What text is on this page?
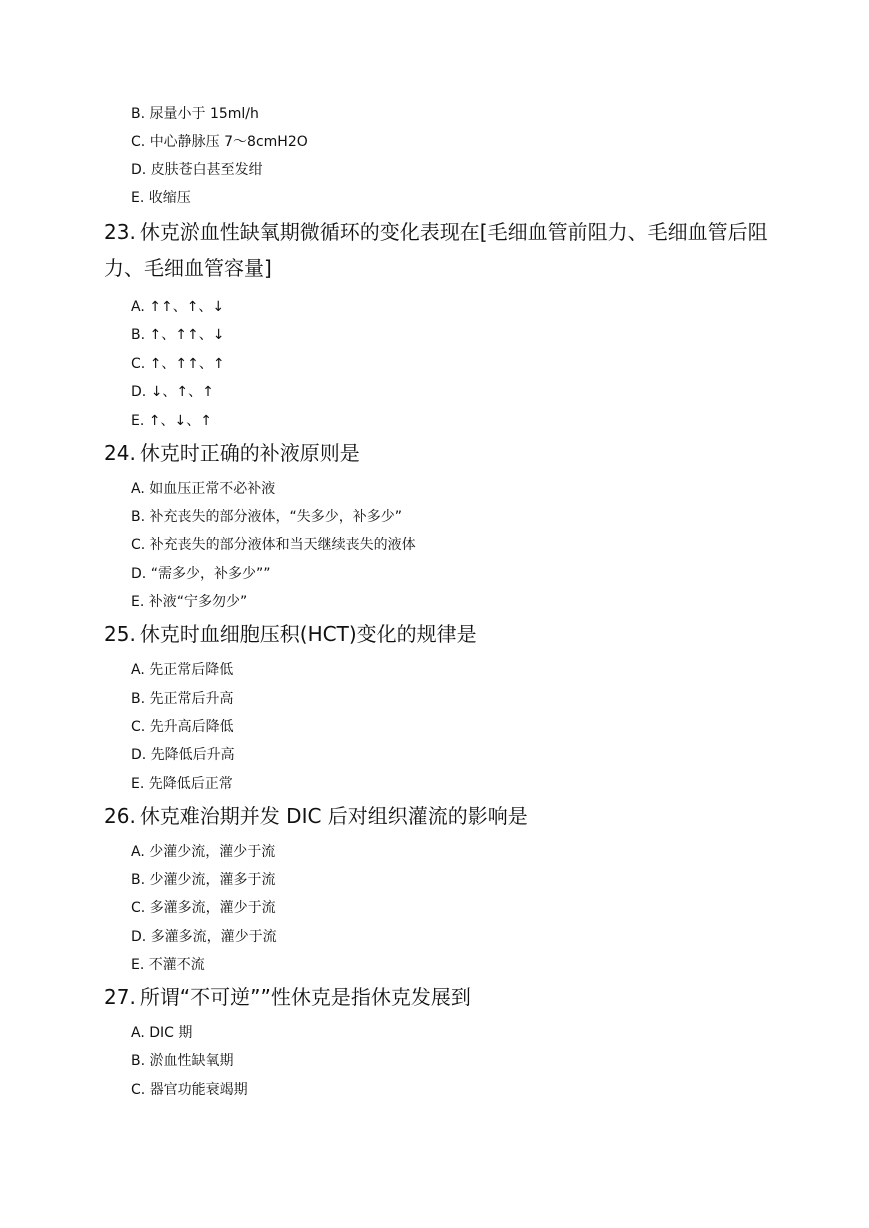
B. 尿量小于 15ml/h
C. 中心静脉压 7～8cmH2O
D. 皮肤苍白甚至发绀
E. 收缩压
23. 休克淤血性缺氧期微循环的变化表现在[毛细血管前阻力、毛细血管后阻力、毛细血管容量]
A. ↑↑、↑、↓
B. ↑、↑↑、↓
C. ↑、↑↑、↑
D. ↓、↑、↑
E. ↑、↓、↑
24. 休克时正确的补液原则是
A. 如血压正常不必补液
B. 补充丧失的部分液体，“失多少，补多少”
C. 补充丧失的部分液体和当天继续丧失的液体
D. “需多少，补多少””
E. 补液“宁多勿少”
25. 休克时血细胞压积(HCT)变化的规律是
A. 先正常后降低
B. 先正常后升高
C. 先升高后降低
D. 先降低后升高
E. 先降低后正常
26. 休克难治期并发 DIC 后对组织灌流的影响是
A. 少灌少流，灌少于流
B. 少灌少流，灌多于流
C. 多灌多流，灌少于流
D. 多灌多流，灌少于流
E. 不灌不流
27. 所谓“不可逆””性休克是指休克发展到
A. DIC 期
B. 淤血性缺氧期
C. 器官功能衰竭期
